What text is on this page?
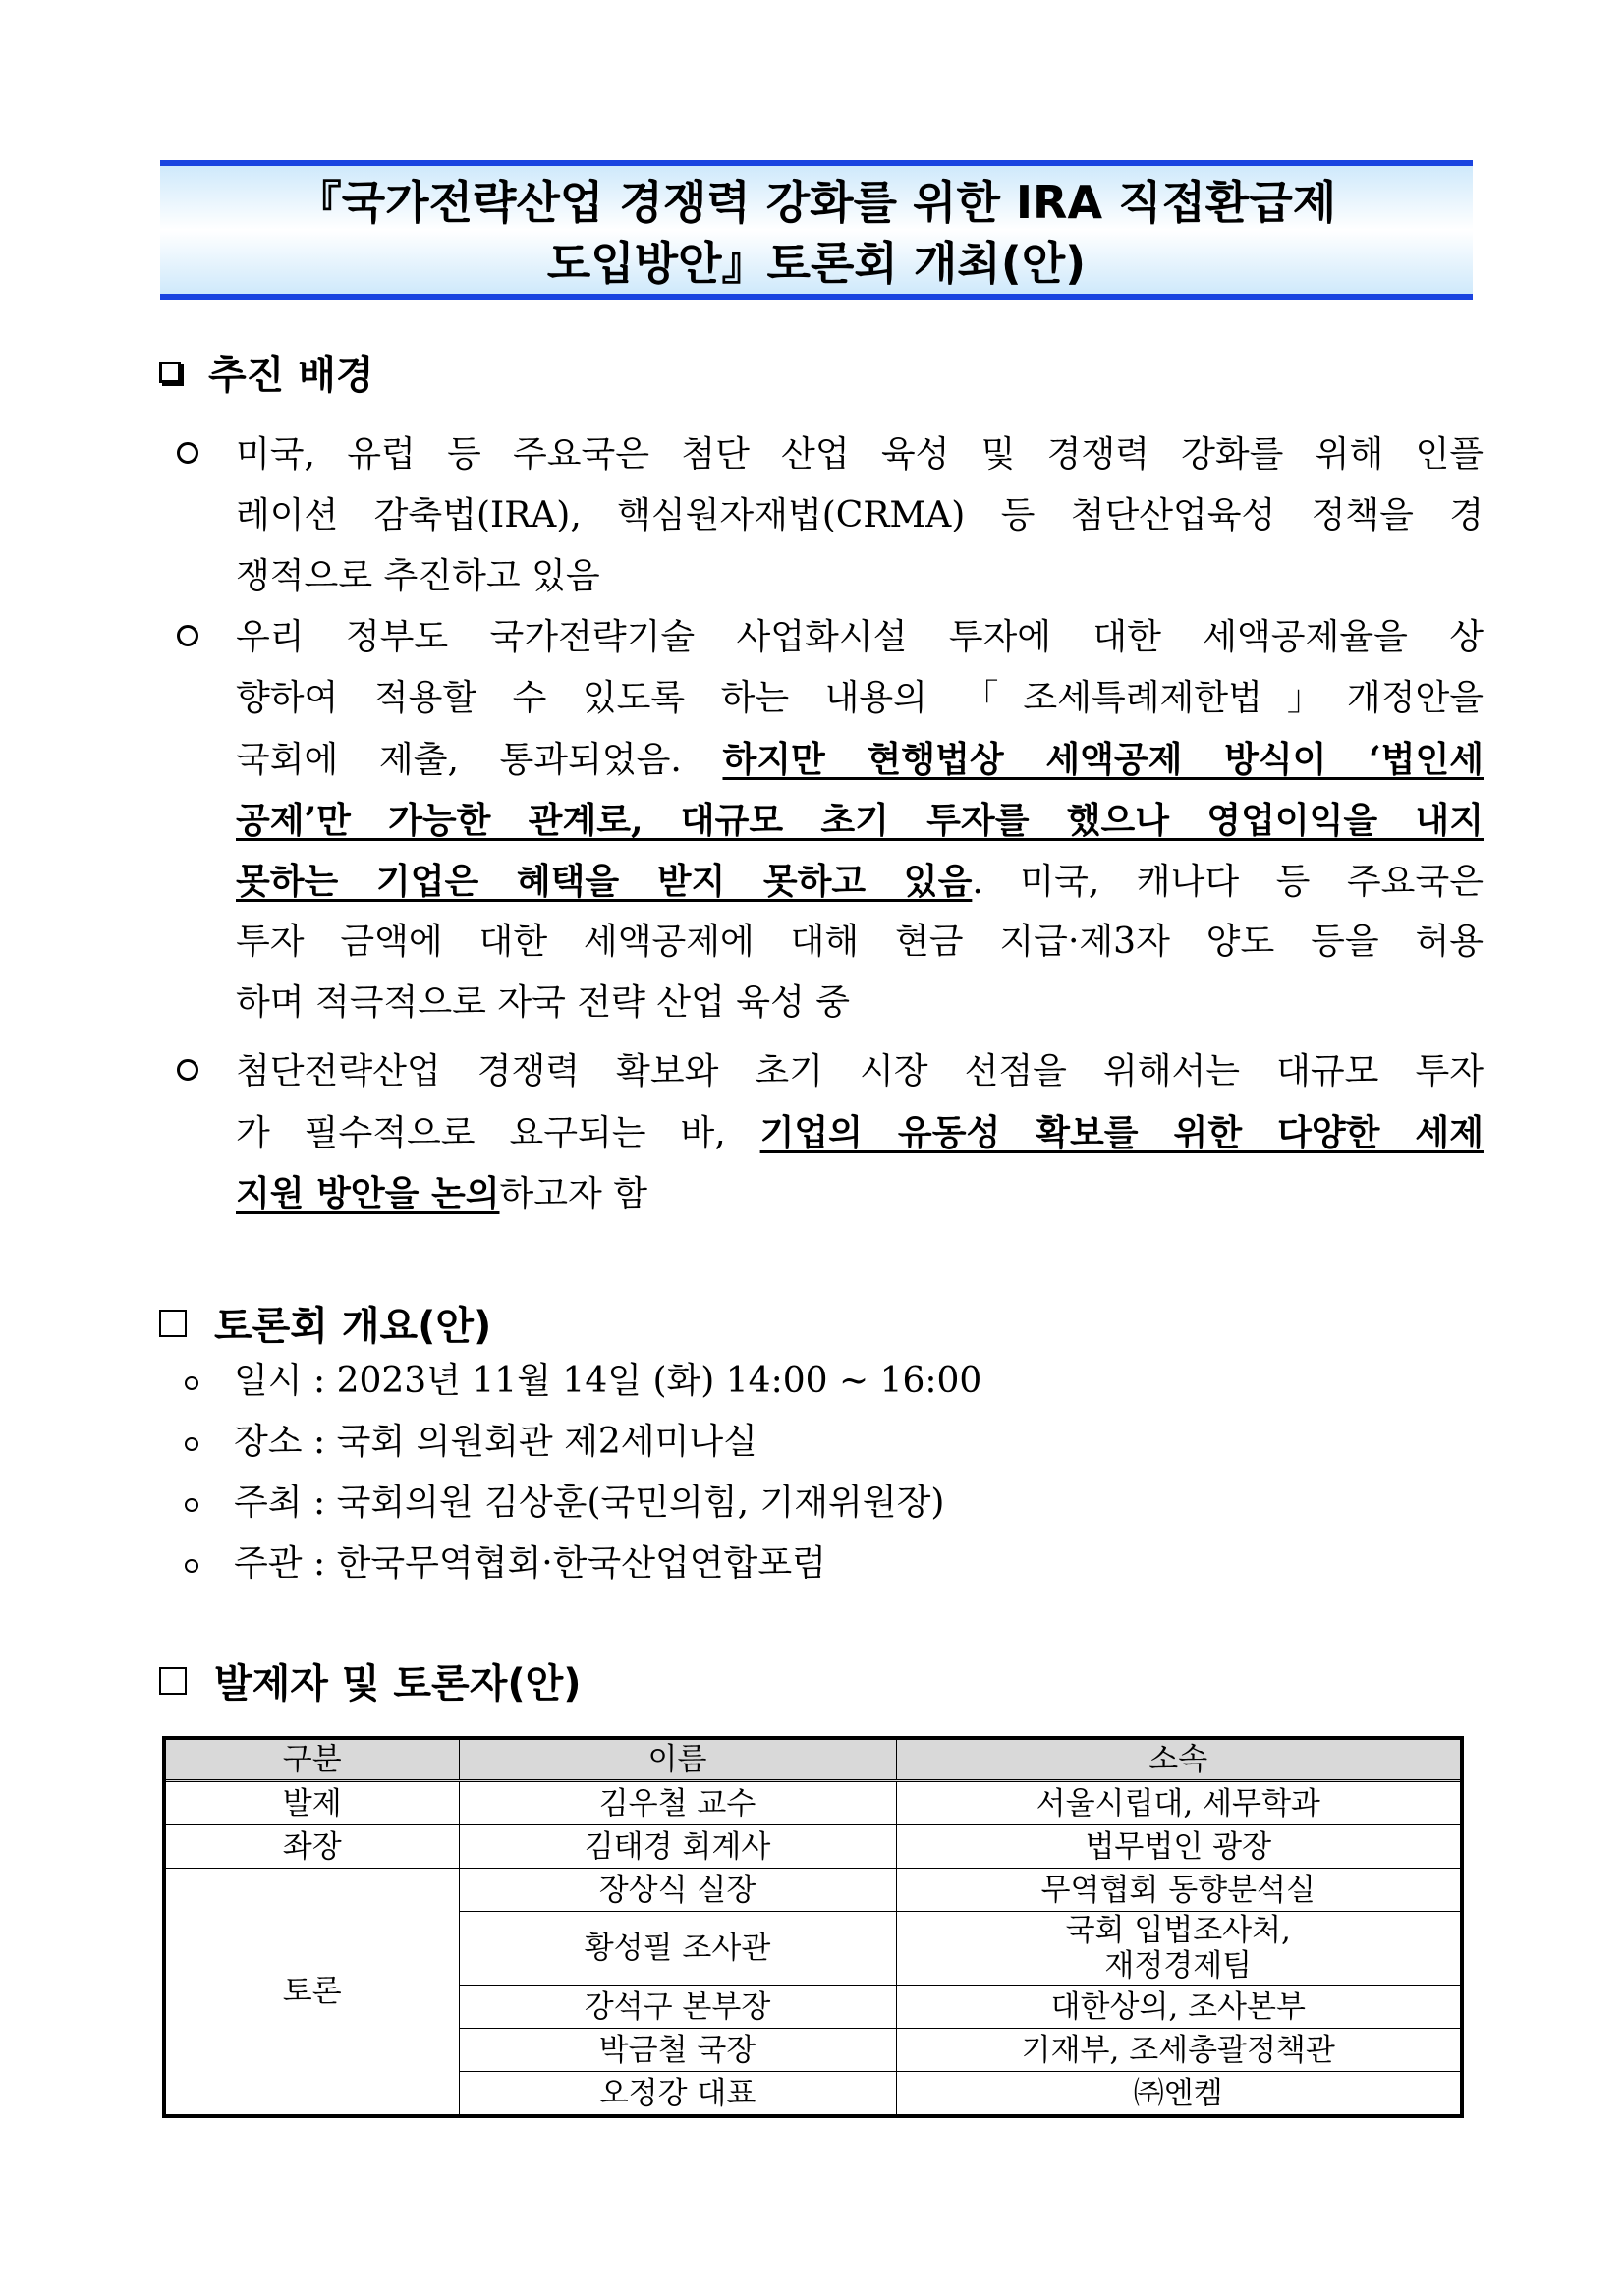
『국가전략산업 경쟁력 강화를 위한 IRA 직접환급제
도입방안』토론회 개최(안)
추진 배경
미국, 유럽 등 주요국은 첨단 산업 육성 및 경쟁력 강화를 위해 인플
레이션 감축법(IRA), 핵심원자재법(CRMA) 등 첨단산업육성 정책을 경
쟁적으로 추진하고 있음
우리 정부도 국가전략기술 사업화시설 투자에 대한 세액공제율을 상
향하여 적용할 수 있도록 하는 내용의 「조세특례제한법」개정안을
국회에 제출, 통과되었음. 하지만 현행법상 세액공제 방식이 ‘법인세
공제’만 가능한 관계로, 대규모 초기 투자를 했으나 영업이익을 내지
못하는 기업은 혜택을 받지 못하고 있음. 미국, 캐나다 등 주요국은
투자 금액에 대한 세액공제에 대해 현금 지급·제3자 양도 등을 허용
하며 적극적으로 자국 전략 산업 육성 중
첨단전략산업 경쟁력 확보와 초기 시장 선점을 위해서는 대규모 투자
가 필수적으로 요구되는 바, 기업의 유동성 확보를 위한 다양한 세제
지원 방안을 논의하고자 함
토론회 개요(안)
일시 : 2023년 11월 14일 (화) 14:00 ~ 16:00
장소 : 국회 의원회관 제2세미나실
주최 : 국회의원 김상훈(국민의힘, 기재위원장)
주관 : 한국무역협회·한국산업연합포럼
발제자 및 토론자(안)
구분	이름	소속
발제	김우철 교수	서울시립대, 세무학과
좌장	김태경 회계사	법무법인 광장
토론	장상식 실장	무역협회 동향분석실
	황성필 조사관	국회 입법조사처,
재정경제팀

	강석구 본부장	대한상의, 조사본부
	박금철 국장	기재부, 조세총괄정책관
	오정강 대표	㈜엔켐
